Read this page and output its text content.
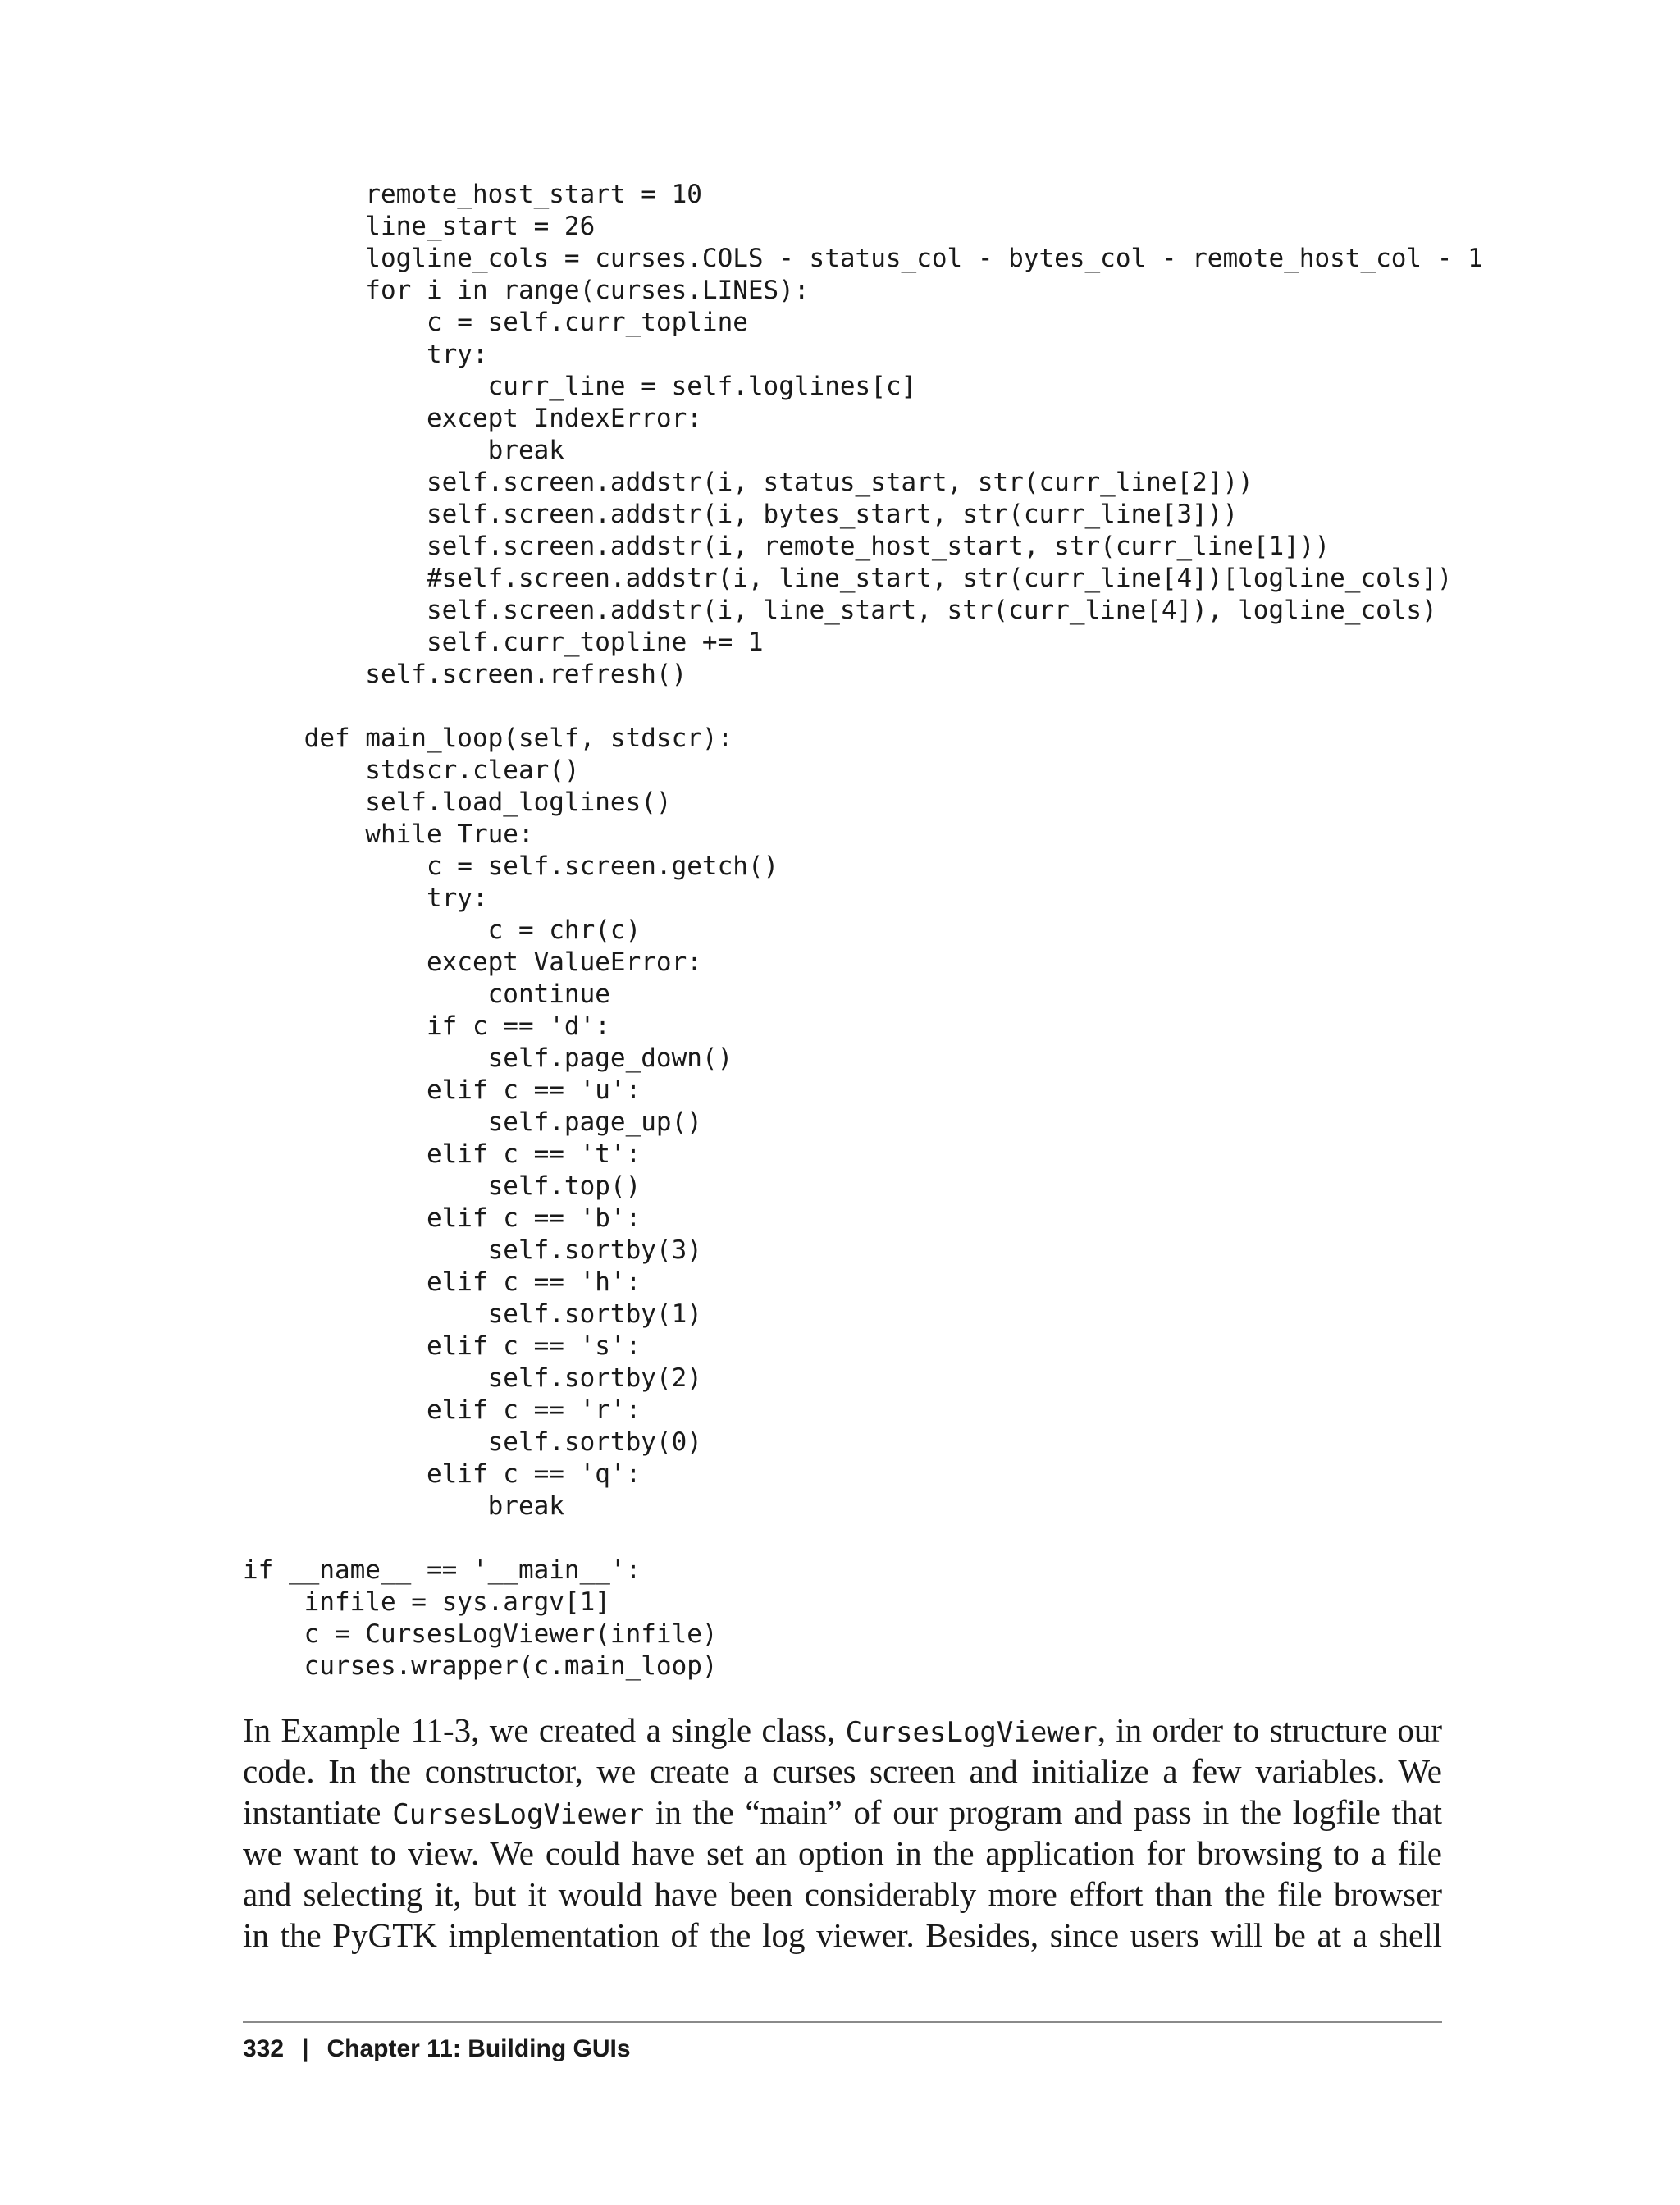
remote_host_start = 10
line_start = 26
logline_cols = curses.COLS - status_col - bytes_col - remote_host_col - 1
for i in range(curses.LINES):
c = self.curr_topline
try:
curr_line = self.loglines[c]
except IndexError:
break
self.screen.addstr(i, status_start, str(curr_line[2]))
self.screen.addstr(i, bytes_start, str(curr_line[3]))
self.screen.addstr(i, remote_host_start, str(curr_line[1]))
#self.screen.addstr(i, line_start, str(curr_line[4])[logline_cols])
self.screen.addstr(i, line_start, str(curr_line[4]), logline_cols)
self.curr_topline += 1
self.screen.refresh()

def main_loop(self, stdscr):
stdscr.clear()
self.load_loglines()
while True:
c = self.screen.getch()
try:
c = chr(c)
except ValueError:
continue
if c == 'd':
self.page_down()
elif c == 'u':
self.page_up()
elif c == 't':
self.top()
elif c == 'b':
self.sortby(3)
elif c == 'h':
self.sortby(1)
elif c == 's':
self.sortby(2)
elif c == 'r':
self.sortby(0)
elif c == 'q':
break

if __name__ == '__main__':
infile = sys.argv[1]
c = CursesLogViewer(infile)
curses.wrapper(c.main_loop)
In Example 11-3, we created a single class, CursesLogViewer, in order to structure our
code. In the constructor, we create a curses screen and initialize a few variables. We
instantiate CursesLogViewer in the “main” of our program and pass in the logfile that
we want to view. We could have set an option in the application for browsing to a file
and selecting it, but it would have been considerably more effort than the file browser
in the PyGTK implementation of the log viewer. Besides, since users will be at a shell
332 | Chapter 11: Building GUIs
